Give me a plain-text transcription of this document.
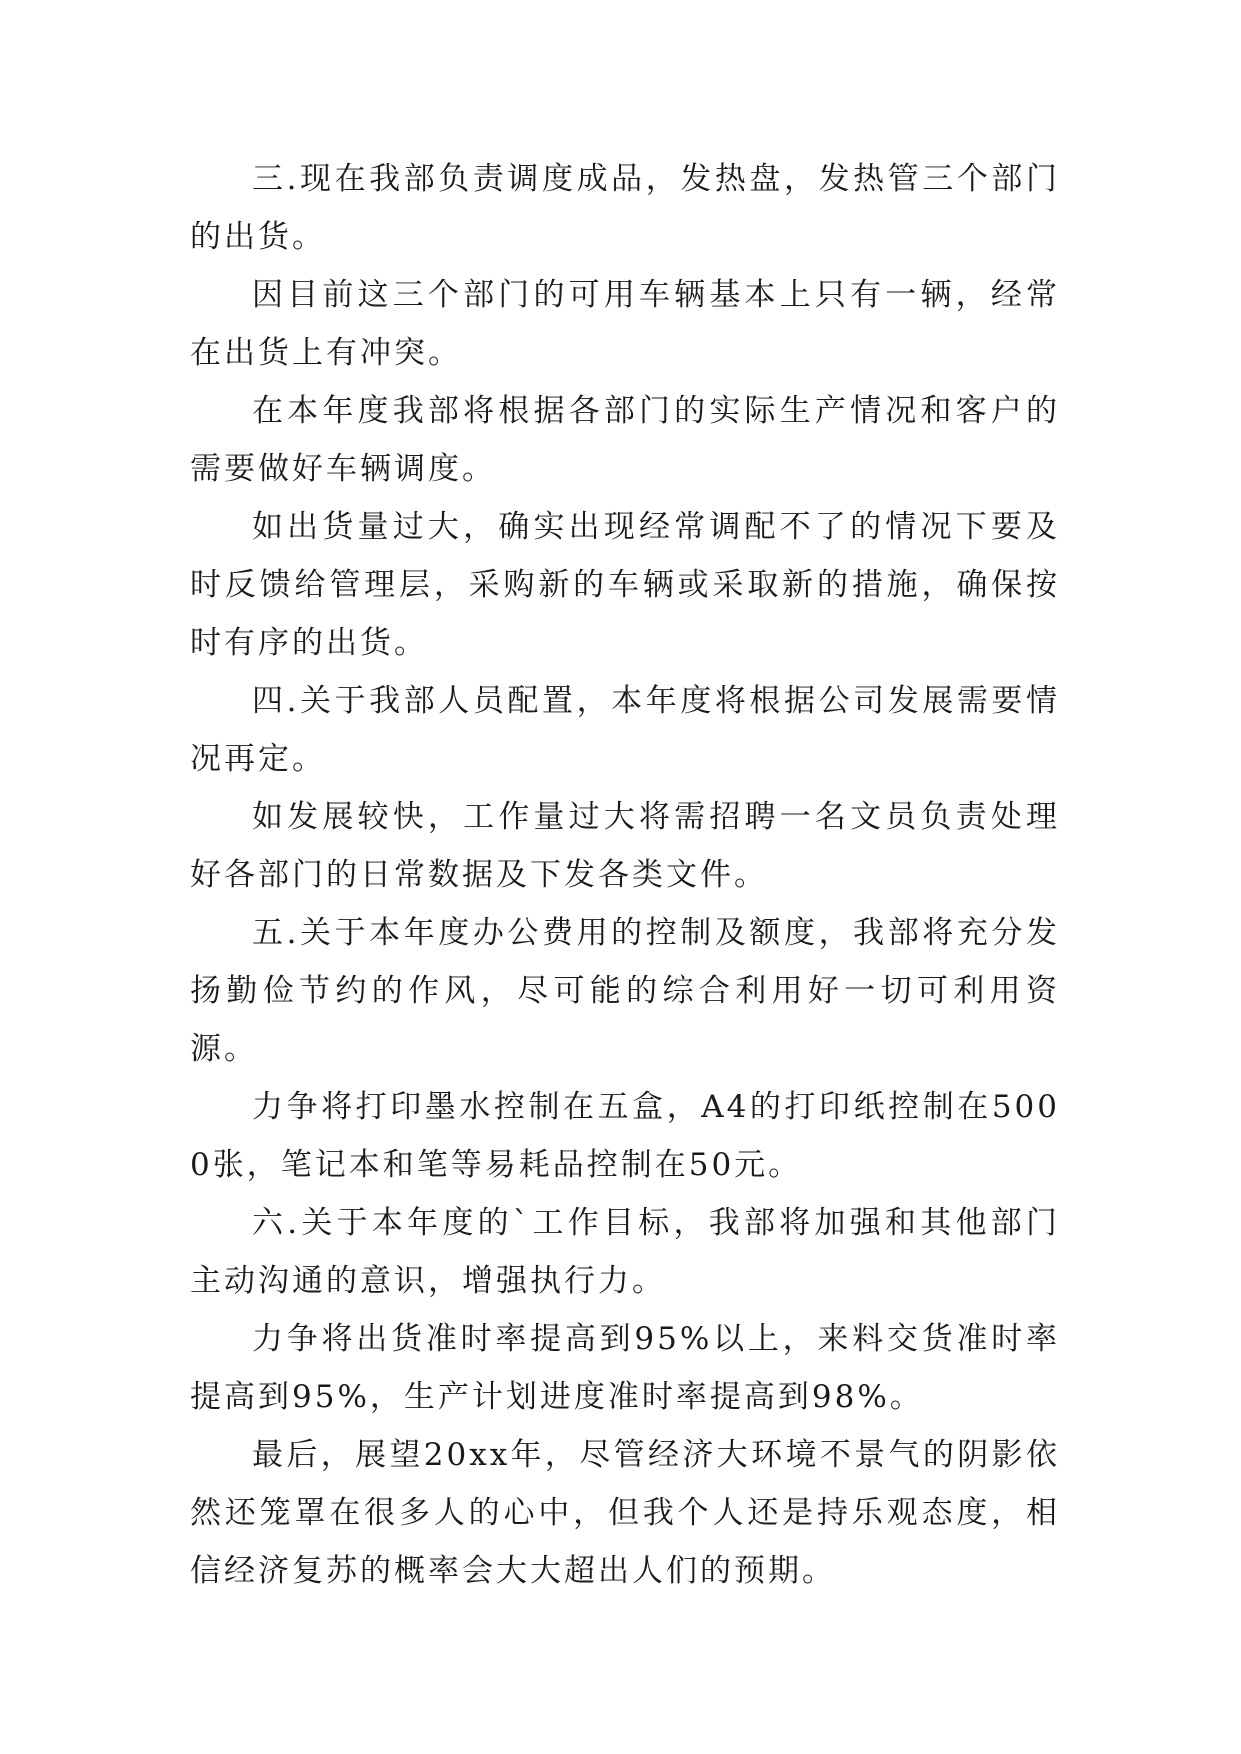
三.现在我部负责调度成品，发热盘，发热管三个部门的出货。

因目前这三个部门的可用车辆基本上只有一辆，经常在出货上有冲突。

在本年度我部将根据各部门的实际生产情况和客户的需要做好车辆调度。

如出货量过大，确实出现经常调配不了的情况下要及时反馈给管理层，采购新的车辆或采取新的措施，确保按时有序的出货。

四.关于我部人员配置，本年度将根据公司发展需要情况再定。

如发展较快，工作量过大将需招聘一名文员负责处理好各部门的日常数据及下发各类文件。

五.关于本年度办公费用的控制及额度，我部将充分发扬勤俭节约的作风，尽可能的综合利用好一切可利用资源。

力争将打印墨水控制在五盒，A4的打印纸控制在5000张，笔记本和笔等易耗品控制在50元。

六.关于本年度的`工作目标，我部将加强和其他部门主动沟通的意识，增强执行力。

力争将出货准时率提高到95%以上，来料交货准时率提高到95%，生产计划进度准时率提高到98%。

最后，展望20xx年，尽管经济大环境不景气的阴影依然还笼罩在很多人的心中，但我个人还是持乐观态度，相信经济复苏的概率会大大超出人们的预期。
